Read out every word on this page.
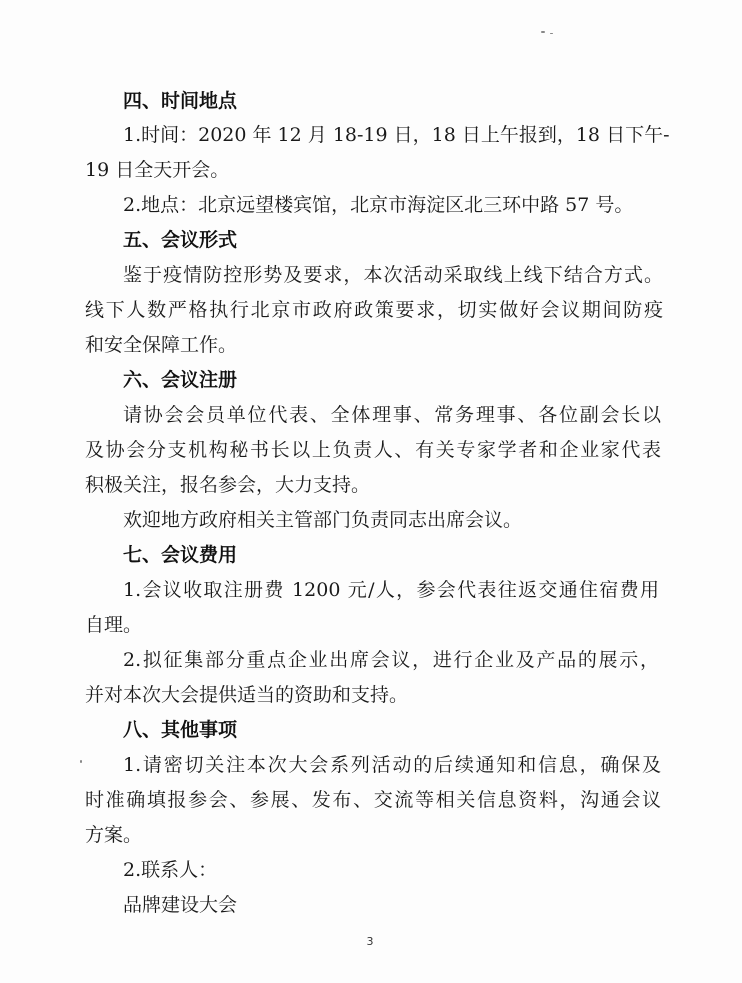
四、时间地点
1.时间：2020 年 12 月 18-19 日，18 日上午报到，18 日下午-
19 日全天开会。
2.地点：北京远望楼宾馆，北京市海淀区北三环中路 57 号。
五、会议形式
鉴于疫情防控形势及要求，本次活动采取线上线下结合方式。
线下人数严格执行北京市政府政策要求，切实做好会议期间防疫
和安全保障工作。
六、会议注册
请协会会员单位代表、全体理事、常务理事、各位副会长以
及协会分支机构秘书长以上负责人、有关专家学者和企业家代表
积极关注，报名参会，大力支持。
欢迎地方政府相关主管部门负责同志出席会议。
七、会议费用
1.会议收取注册费 1200 元/人，参会代表往返交通住宿费用
自理。
2.拟征集部分重点企业出席会议，进行企业及产品的展示，
并对本次大会提供适当的资助和支持。
八、其他事项
1.请密切关注本次大会系列活动的后续通知和信息，确保及
时准确填报参会、参展、发布、交流等相关信息资料，沟通会议
方案。
2.联系人：
品牌建设大会
3
